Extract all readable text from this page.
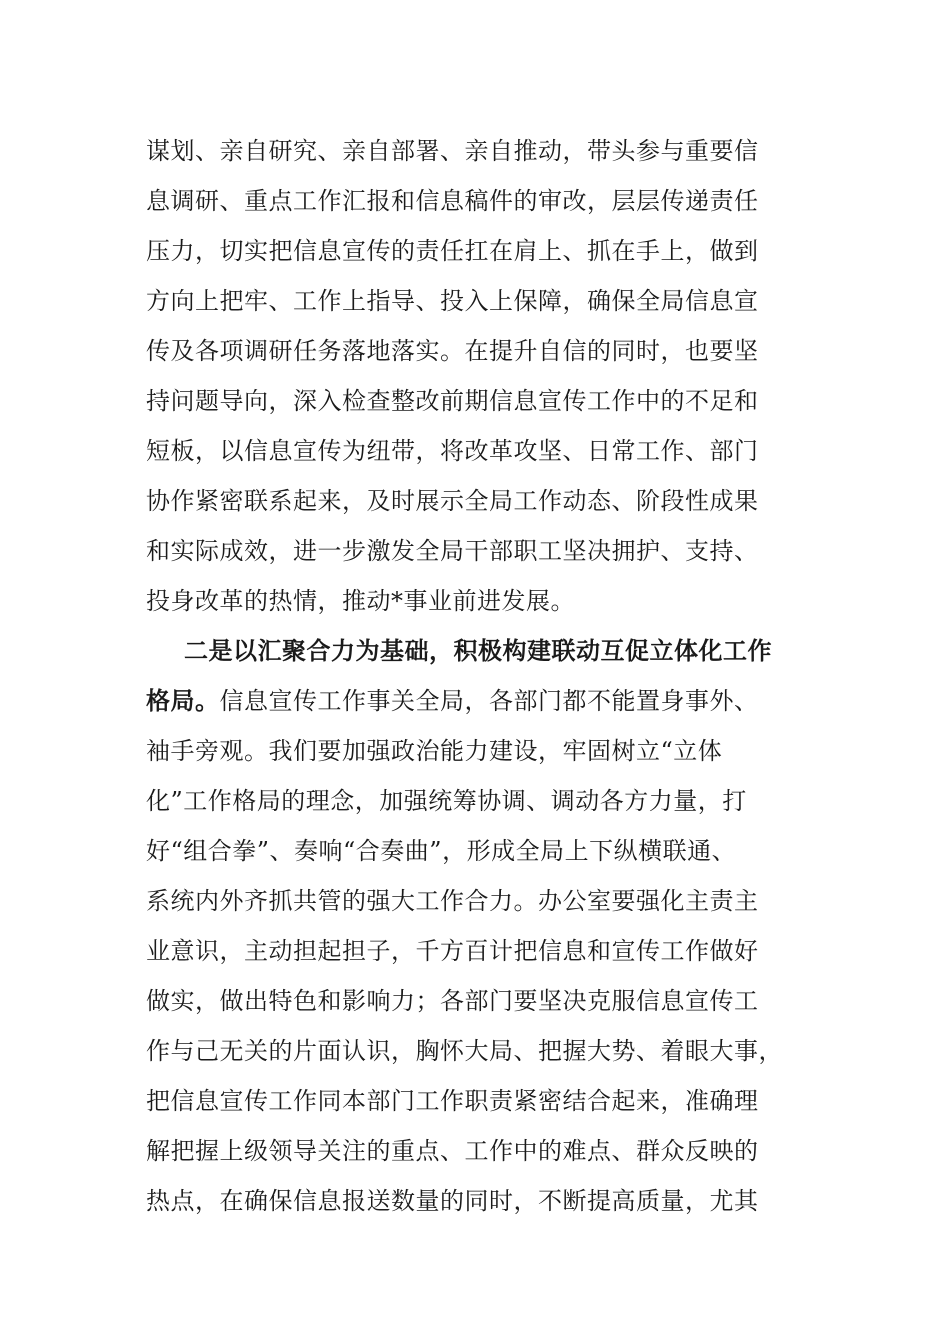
谋划、亲自研究、亲自部署、亲自推动，带头参与重要信
息调研、重点工作汇报和信息稿件的审改，层层传递责任
压力，切实把信息宣传的责任扛在肩上、抓在手上，做到
方向上把牢、工作上指导、投入上保障，确保全局信息宣
传及各项调研任务落地落实。在提升自信的同时，也要坚
持问题导向，深入检查整改前期信息宣传工作中的不足和
短板，以信息宣传为纽带，将改革攻坚、日常工作、部门
协作紧密联系起来，及时展示全局工作动态、阶段性成果
和实际成效，进一步激发全局干部职工坚决拥护、支持、
投身改革的热情，推动*事业前进发展。
二是以汇聚合力为基础，积极构建联动互促立体化工作
格局。信息宣传工作事关全局，各部门都不能置身事外、
袖手旁观。我们要加强政治能力建设，牢固树立“立体
化”工作格局的理念，加强统筹协调、调动各方力量，打
好“组合拳”、奏响“合奏曲”，形成全局上下纵横联通、
系统内外齐抓共管的强大工作合力。办公室要强化主责主
业意识，主动担起担子，千方百计把信息和宣传工作做好
做实，做出特色和影响力；各部门要坚决克服信息宣传工
作与己无关的片面认识，胸怀大局、把握大势、着眼大事，
把信息宣传工作同本部门工作职责紧密结合起来，准确理
解把握上级领导关注的重点、工作中的难点、群众反映的
热点，在确保信息报送数量的同时，不断提高质量，尤其
